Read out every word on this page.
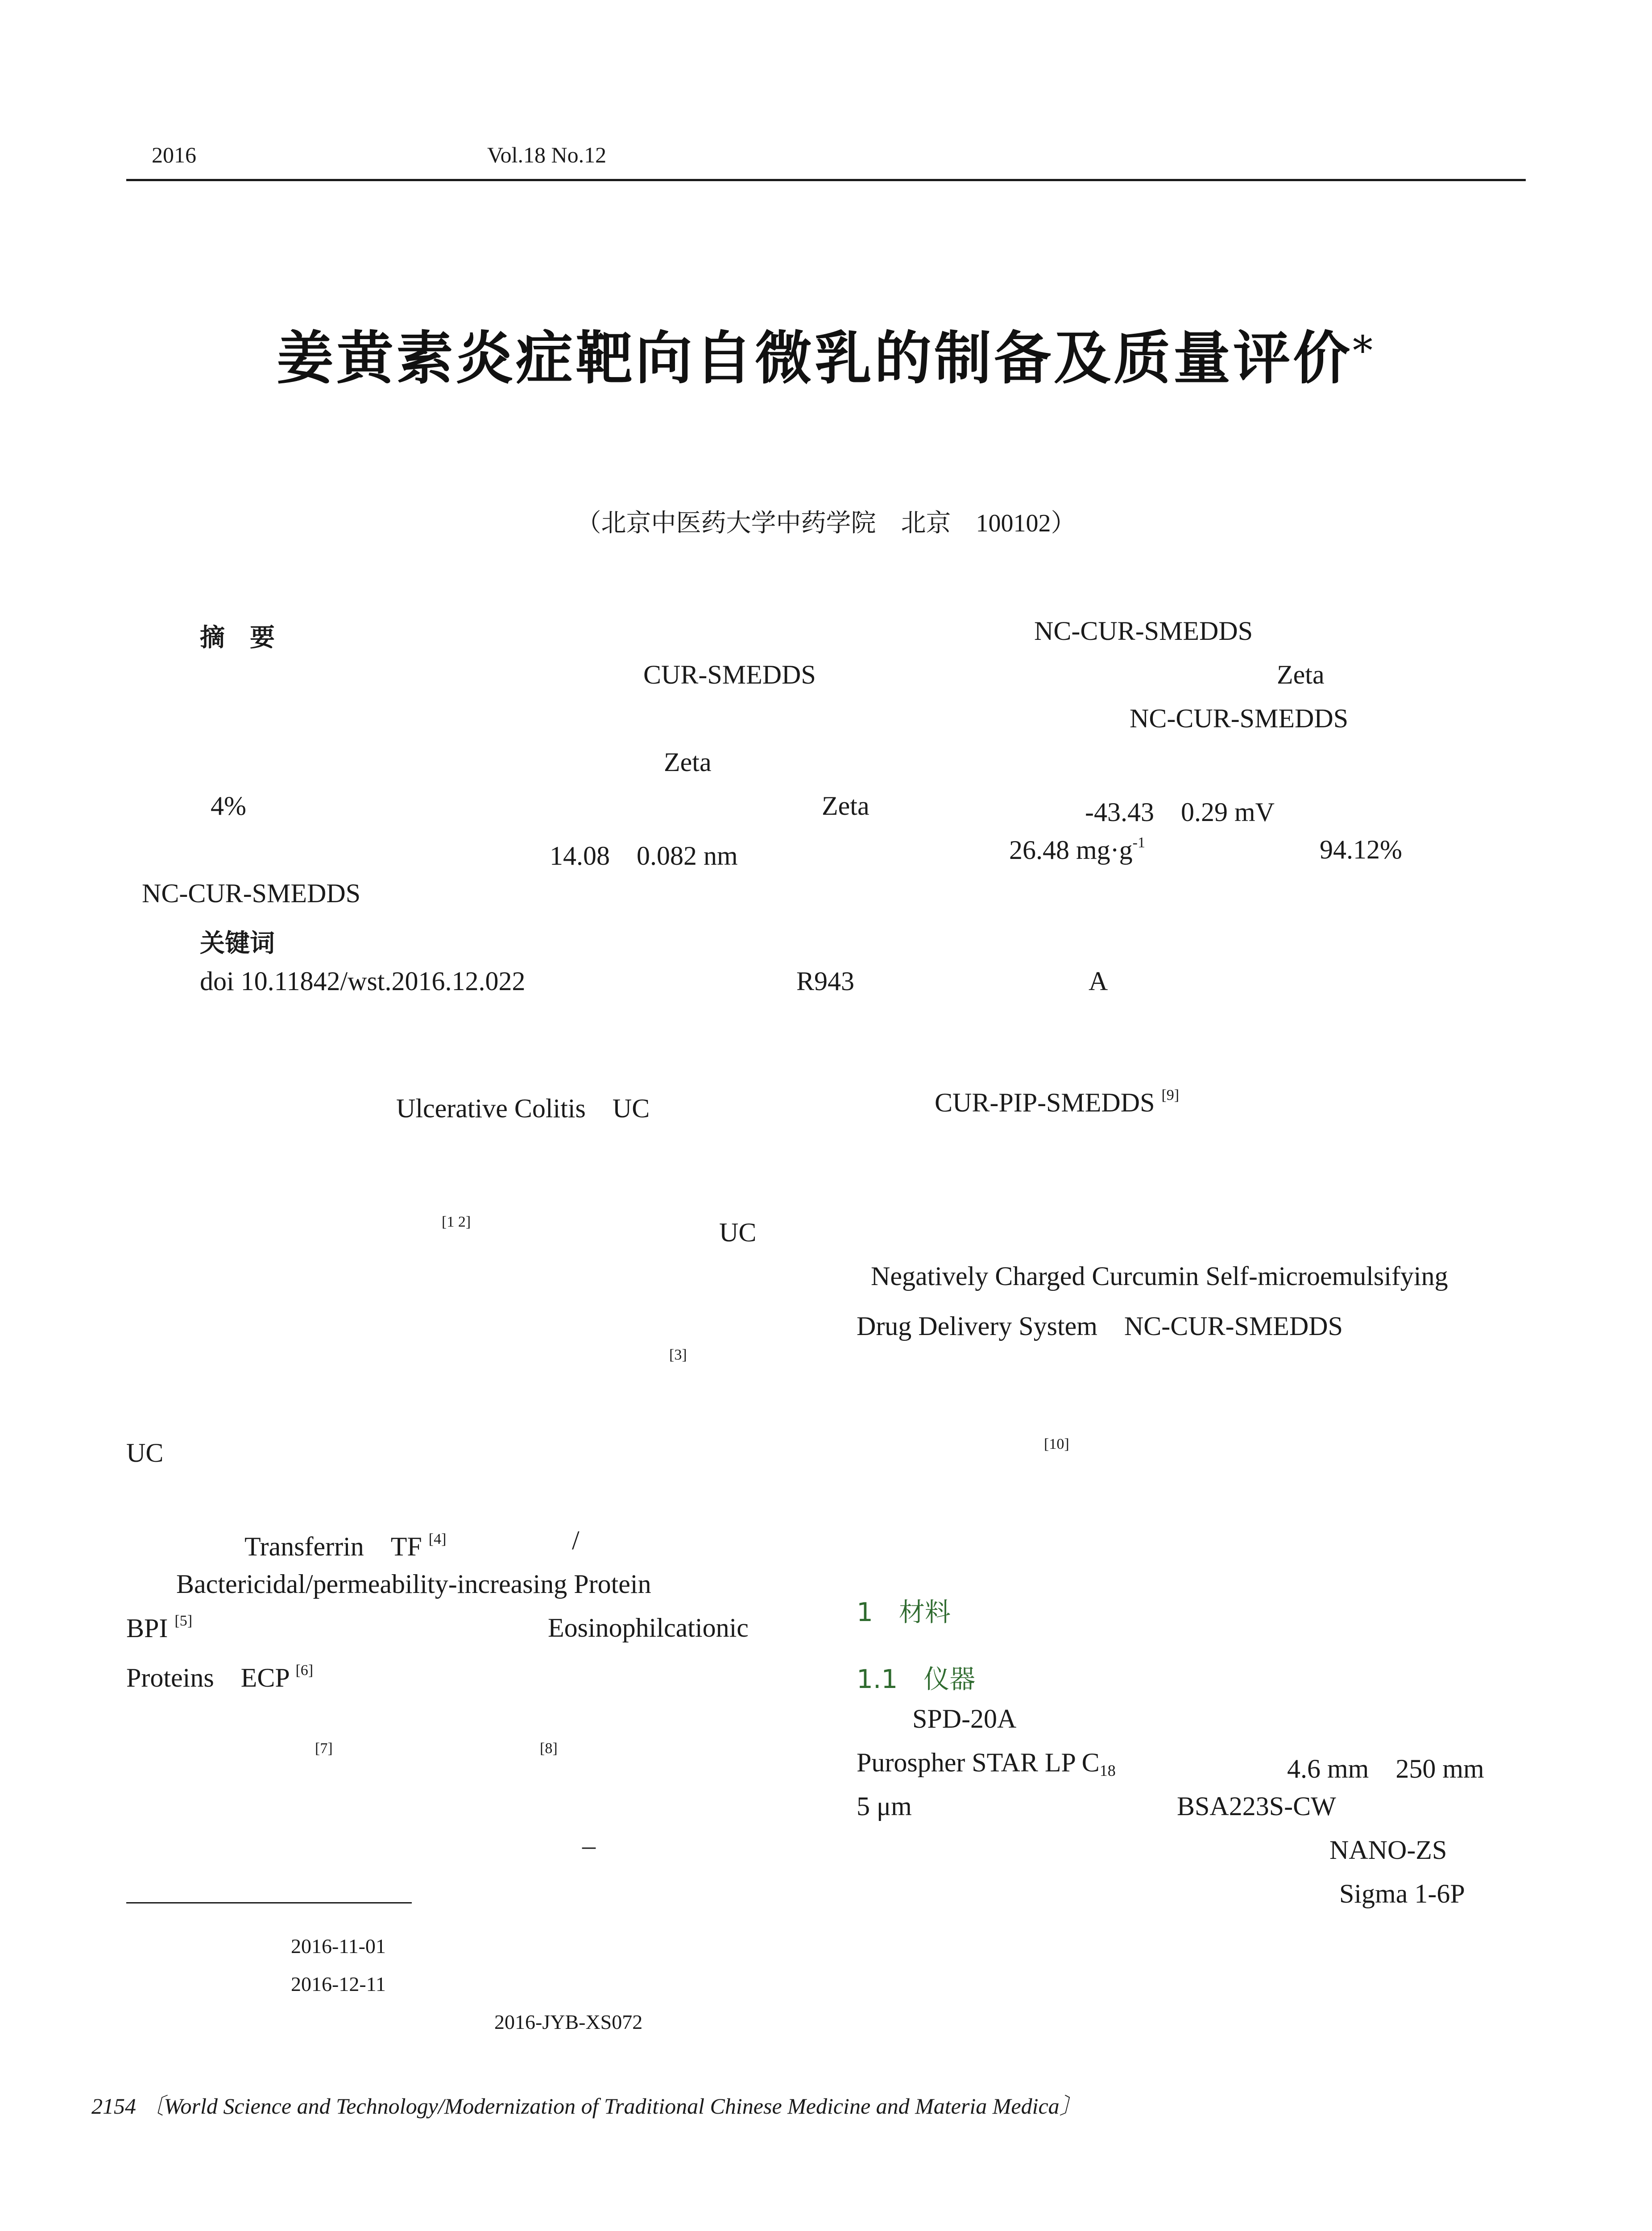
2016	Vol.18 No.12
姜黄素炎症靶向自微乳的制备及质量评价*
（北京中医药大学中药学院　北京　100102）
摘　要	NC-CUR-SMEDDS
CUR-SMEDDS	Zeta
NC-CUR-SMEDDS
Zeta
4%	Zeta	-43.43　0.29 mV
14.08　0.082 nm	26.48 $mg\cdot g^{-1}$	94.12%
NC-CUR-SMEDDS
关键词
doi 10.11842/wst.2016.12.022	R943	A
Ulcerative Colitis　UC
[1 2]	UC
[3]
UC
Transferrin　TF [4]	/
Bactericidal/permeability-increasing Protein
BPI [5]	Eosinophilcationic
Proteins　ECP [6]
[7]	[8]
–
CUR-PIP-SMEDDS [9]
Negatively Charged Curcumin Self-microemulsifying
Drug Delivery System　NC-CUR-SMEDDS
[10]
1　材料
1.1　仪器
SPD-20A
Purospher STAR LP $C_{18}$	4.6 mm　250 mm
5 μm	BSA223S-CW
NANO-ZS
Sigma 1-6P
2016-11-01
2016-12-11
2016-JYB-XS072
2154 〔World Science and Technology/Modernization of Traditional Chinese Medicine and Materia Medica〕
